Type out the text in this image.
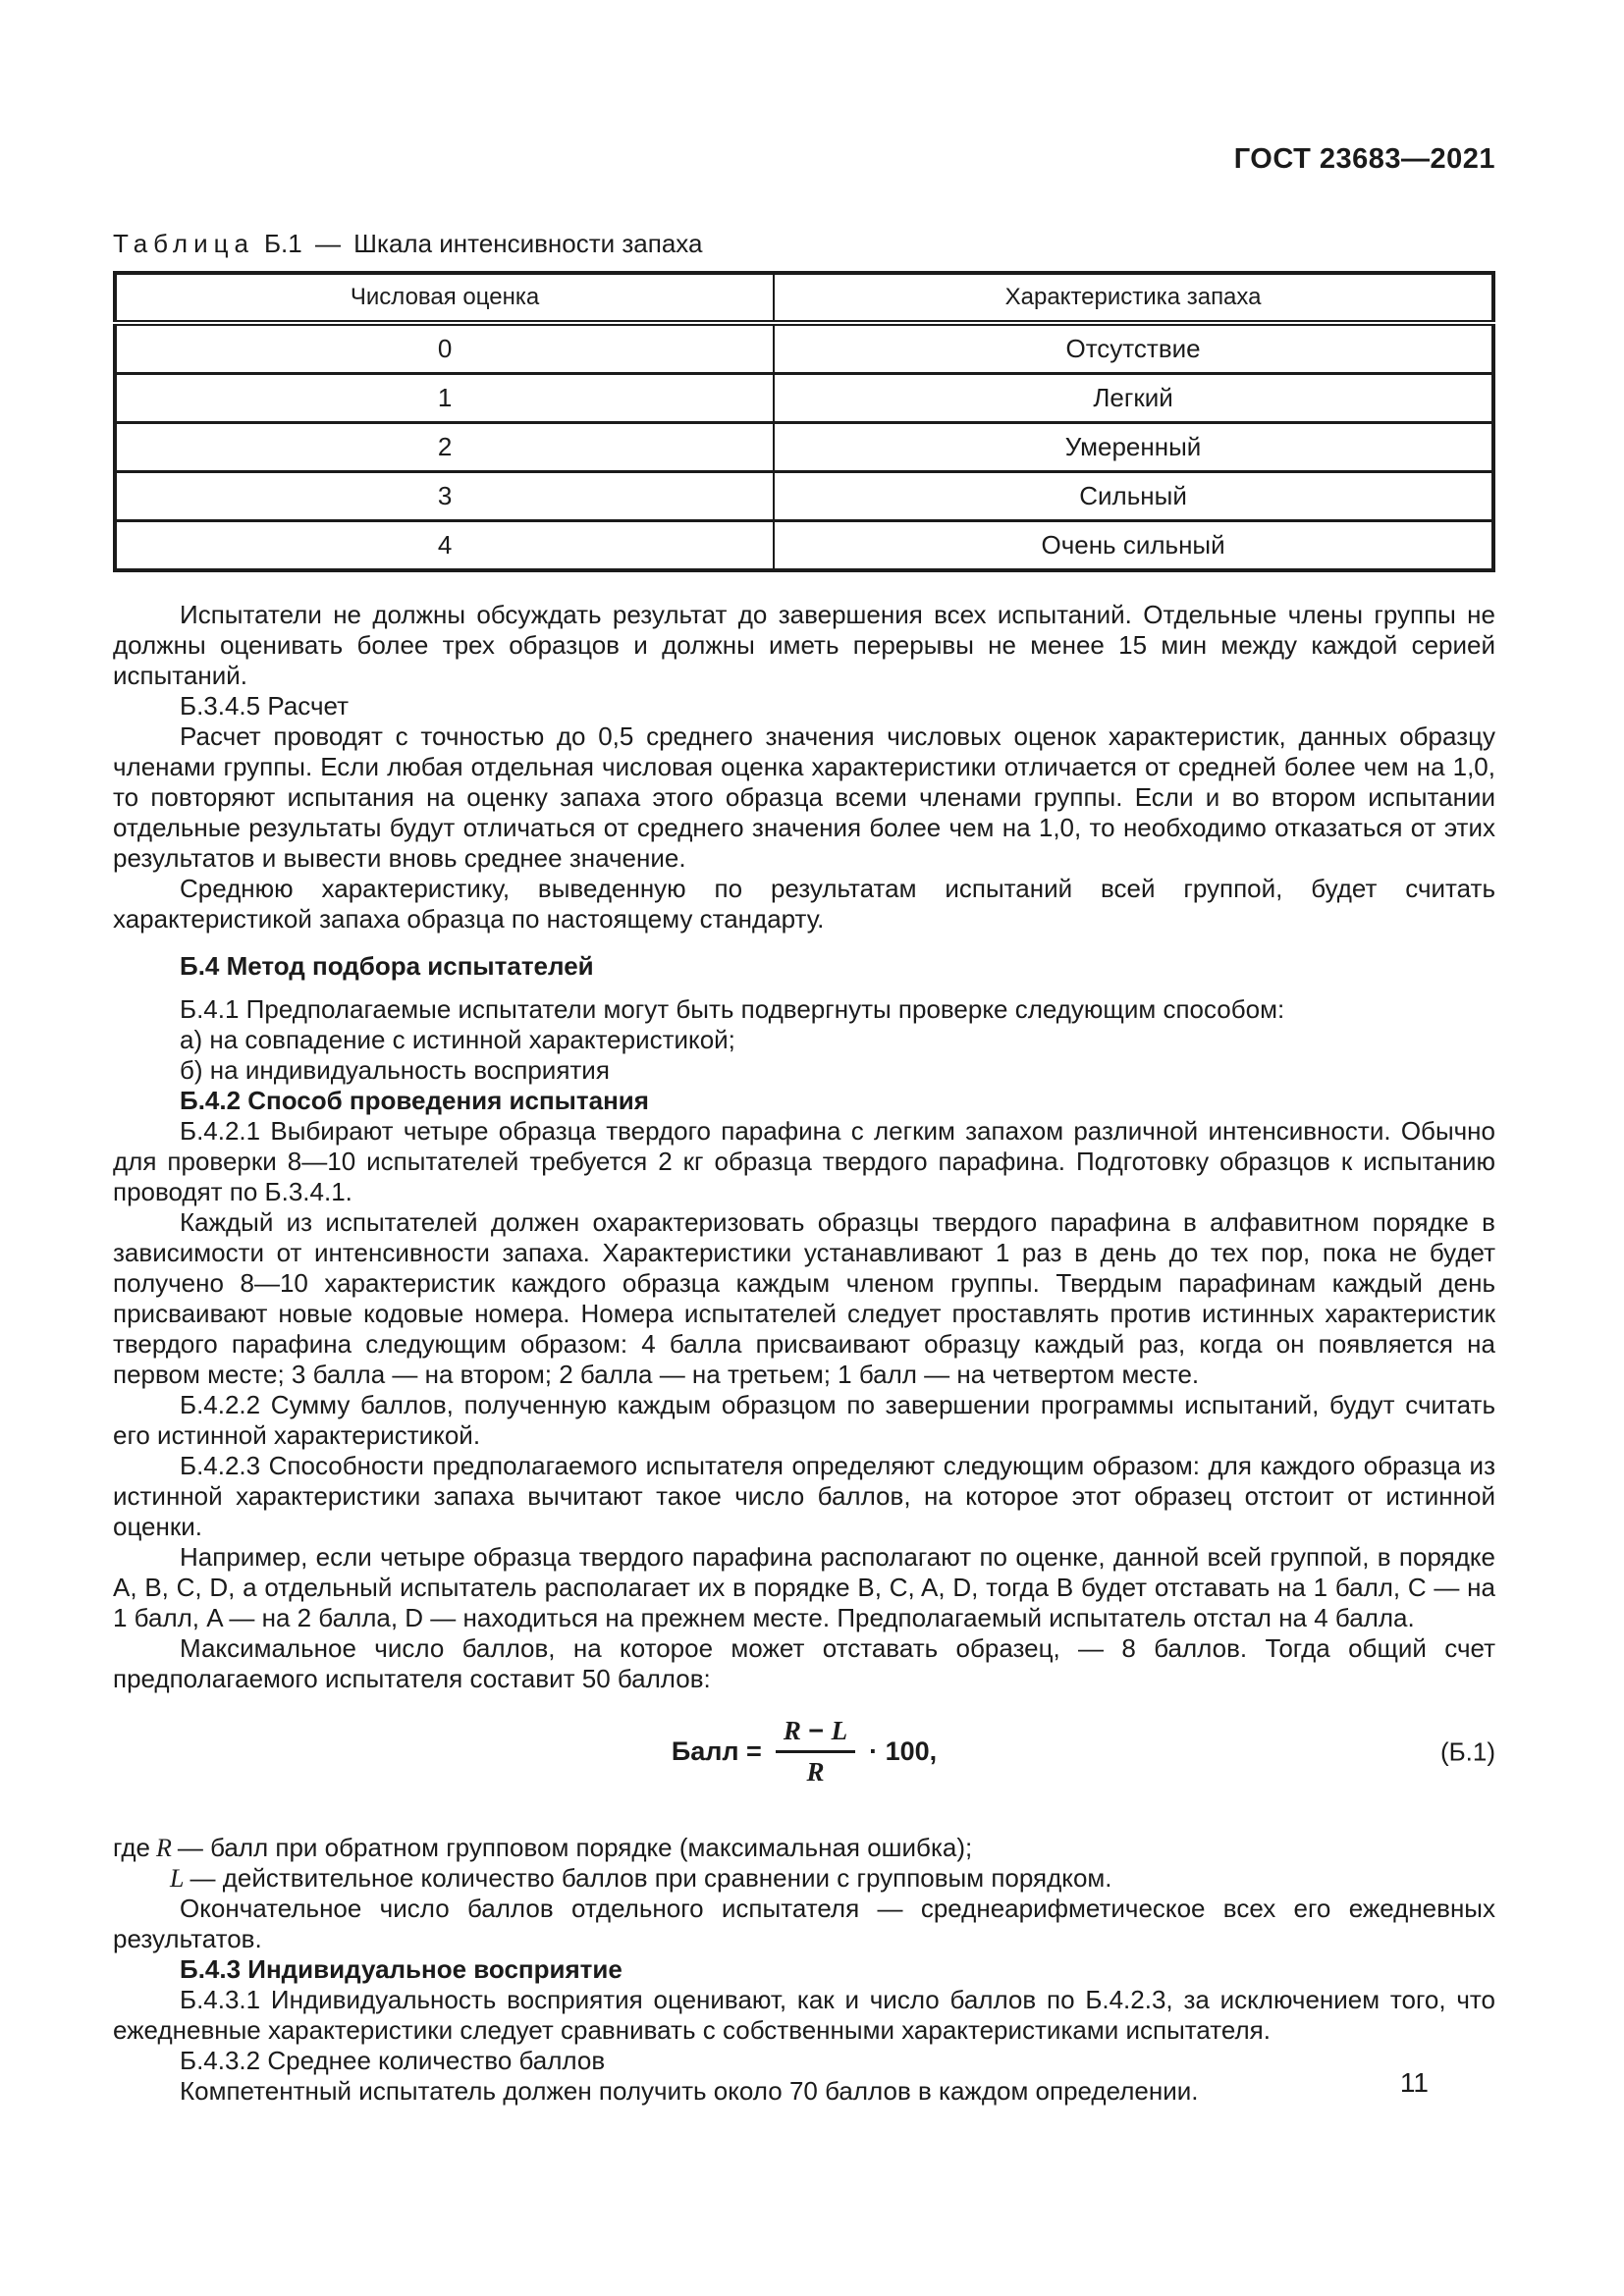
ГОСТ 23683—2021
Таблица Б.1 — Шкала интенсивности запаха
Числовая оценка	Характеристика запаха
0	Отсутствие
1	Легкий
2	Умеренный
3	Сильный
4	Очень сильный

Испытатели не должны обсуждать результат до завершения всех испытаний. Отдельные члены группы не должны оценивать более трех образцов и должны иметь перерывы не менее 15 мин между каждой серией испытаний.

Б.3.4.5 Расчет

Расчет проводят с точностью до 0,5 среднего значения числовых оценок характеристик, данных образцу членами группы. Если любая отдельная числовая оценка характеристики отличается от средней более чем на 1,0, то повторяют испытания на оценку запаха этого образца всеми членами группы. Если и во втором испытании отдельные результаты будут отличаться от среднего значения более чем на 1,0, то необходимо отказаться от этих результатов и вывести вновь среднее значение.

Среднюю характеристику, выведенную по результатам испытаний всей группой, будет считать характеристикой запаха образца по настоящему стандарту.

Б.4 Метод подбора испытателей

Б.4.1 Предполагаемые испытатели могут быть подвергнуты проверке следующим способом:

а) на совпадение с истинной характеристикой;

б) на индивидуальность восприятия

Б.4.2 Способ проведения испытания

Б.4.2.1 Выбирают четыре образца твердого парафина с легким запахом различной интенсивности. Обычно для проверки 8—10 испытателей требуется 2 кг образца твердого парафина. Подготовку образцов к испытанию проводят по Б.3.4.1.

Каждый из испытателей должен охарактеризовать образцы твердого парафина в алфавитном порядке в зависимости от интенсивности запаха. Характеристики устанавливают 1 раз в день до тех пор, пока не будет получено 8—10 характеристик каждого образца каждым членом группы. Твердым парафинам каждый день присваивают новые кодовые номера. Номера испытателей следует проставлять против истинных характеристик твердого парафина следующим образом: 4 балла присваивают образцу каждый раз, когда он появляется на первом месте; 3 балла — на втором; 2 балла — на третьем; 1 балл — на четвертом месте.

Б.4.2.2 Сумму баллов, полученную каждым образцом по завершении программы испытаний, будут считать его истинной характеристикой.

Б.4.2.3 Способности предполагаемого испытателя определяют следующим образом: для каждого образца из истинной характеристики запаха вычитают такое число баллов, на которое этот образец отстоит от истинной оценки.

Например, если четыре образца твердого парафина располагают по оценке, данной всей группой, в порядке A, B, C, D, а отдельный испытатель располагает их в порядке B, C, A, D, тогда B будет отставать на 1 балл, C — на 1 балл, A — на 2 балла, D — находиться на прежнем месте. Предполагаемый испытатель отстал на 4 балла.

Максимальное число баллов, на которое может отставать образец, — 8 баллов. Тогда общий счет предполагаемого испытателя составит 50 баллов:

Балл = $\frac{R - L}{R} \cdot 100$,	(Б.1)

где R — балл при обратном групповом порядке (максимальная ошибка);

L — действительное количество баллов при сравнении с групповым порядком.

Окончательное число баллов отдельного испытателя — среднеарифметическое всех его ежедневных результатов.

Б.4.3 Индивидуальное восприятие

Б.4.3.1 Индивидуальность восприятия оценивают, как и число баллов по Б.4.2.3, за исключением того, что ежедневные характеристики следует сравнивать с собственными характеристиками испытателя.

Б.4.3.2 Среднее количество баллов

Компетентный испытатель должен получить около 70 баллов в каждом определении.	11
